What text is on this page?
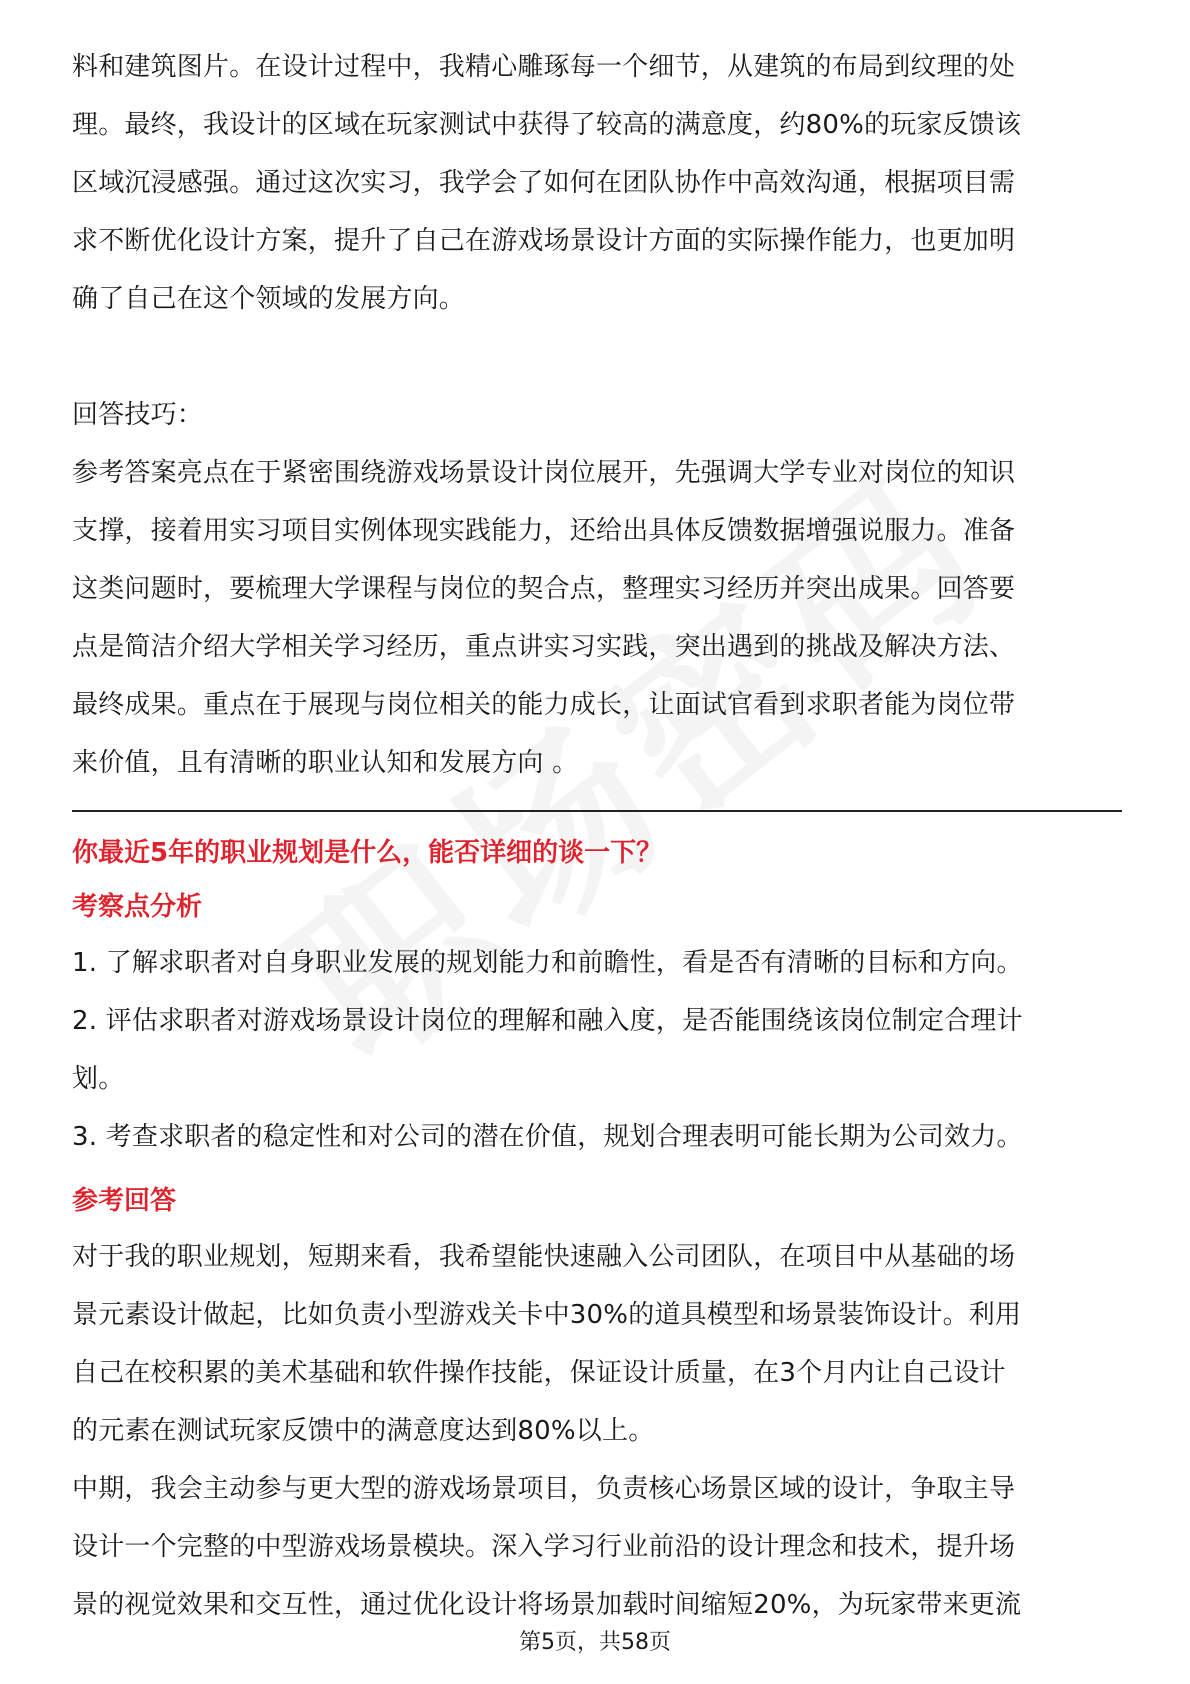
料和建筑图片。在设计过程中，我精心雕琢每一个细节，从建筑的布局到纹理的处

理。最终，我设计的区域在玩家测试中获得了较高的满意度，约80%的玩家反馈该

区域沉浸感强。通过这次实习，我学会了如何在团队协作中高效沟通，根据项目需

求不断优化设计方案，提升了自己在游戏场景设计方面的实际操作能力，也更加明

确了自己在这个领域的发展方向。

回答技巧：

参考答案亮点在于紧密围绕游戏场景设计岗位展开，先强调大学专业对岗位的知识

支撑，接着用实习项目实例体现实践能力，还给出具体反馈数据增强说服力。准备

这类问题时，要梳理大学课程与岗位的契合点，整理实习经历并突出成果。回答要

点是简洁介绍大学相关学习经历，重点讲实习实践，突出遇到的挑战及解决方法、

最终成果。重点在于展现与岗位相关的能力成长，让面试官看到求职者能为岗位带

来价值，且有清晰的职业认知和发展方向 。

你最近5年的职业规划是什么，能否详细的谈一下？
考察点分析

1. 了解求职者对自身职业发展的规划能力和前瞻性，看是否有清晰的目标和方向。

2. 评估求职者对游戏场景设计岗位的理解和融入度，是否能围绕该岗位制定合理计

划。

3. 考查求职者的稳定性和对公司的潜在价值，规划合理表明可能长期为公司效力。

参考回答

对于我的职业规划，短期来看，我希望能快速融入公司团队，在项目中从基础的场

景元素设计做起，比如负责小型游戏关卡中30%的道具模型和场景装饰设计。利用

自己在校积累的美术基础和软件操作技能，保证设计质量，在3个月内让自己设计

的元素在测试玩家反馈中的满意度达到80%以上。

中期，我会主动参与更大型的游戏场景项目，负责核心场景区域的设计，争取主导

设计一个完整的中型游戏场景模块。深入学习行业前沿的设计理念和技术，提升场

景的视觉效果和交互性，通过优化设计将场景加载时间缩短20%，为玩家带来更流

第5页，共58页
